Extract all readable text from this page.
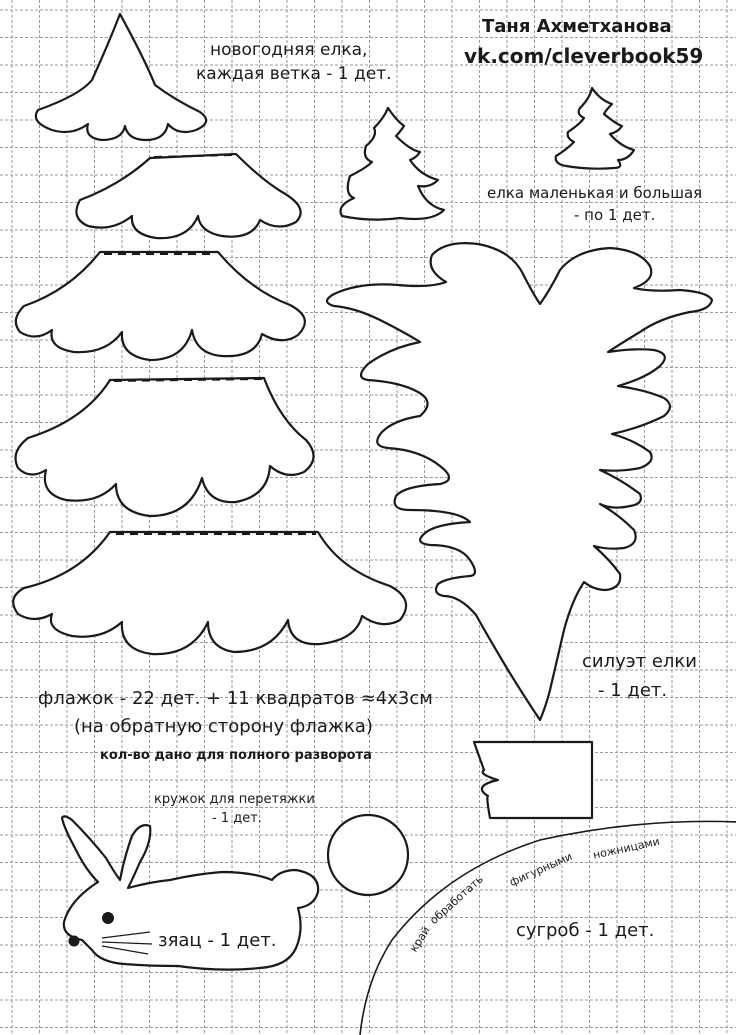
Таня Ахметханова
vk.com/cleverbook59
новогодняя елка,
каждая ветка - 1 дет.
елка маленькая и большая
- по 1 дет.
силуэт елки
- 1 дет.
флажок - 22 дет. + 11 квадратов ≈4х3см
(на обратную сторону флажка)
кол-во дано для полного разворота
кружок для перетяжки
- 1 дет.
зяац - 1 дет.	сугроб - 1 дет.
край
обработать
фигурными
ножницами
